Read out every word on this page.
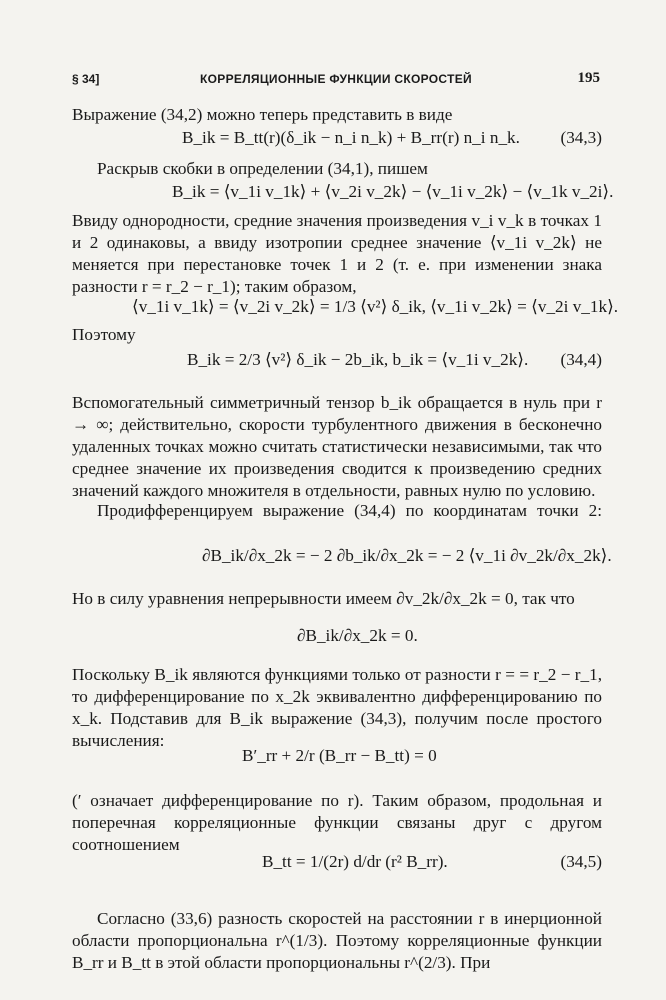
§ 34]	КОРРЕЛЯЦИОННЫЕ ФУНКЦИИ СКОРОСТЕЙ	195
Выражение (34,2) можно теперь представить в виде
B_ik = B_tt(r)(δ_ik − n_i n_k) + B_rr(r) n_i n_k. (34,3)
Раскрыв скобки в определении (34,1), пишем
B_ik = ⟨v_1i v_1k⟩ + ⟨v_2i v_2k⟩ − ⟨v_1i v_2k⟩ − ⟨v_1k v_2i⟩.
Ввиду однородности, средние значения произведения v_i v_k в точках 1 и 2 одинаковы, а ввиду изотропии среднее значение ⟨v_1i v_2k⟩ не меняется при перестановке точек 1 и 2 (т. е. при изменении знака разности r = r_2 − r_1); таким образом,
⟨v_1i v_1k⟩ = ⟨v_2i v_2k⟩ = 1/3 ⟨v²⟩ δ_ik, ⟨v_1i v_2k⟩ = ⟨v_2i v_1k⟩.
Поэтому
B_ik = 2/3 ⟨v²⟩ δ_ik − 2b_ik, b_ik = ⟨v_1i v_2k⟩. (34,4)
Вспомогательный симметричный тензор b_ik обращается в нуль при r → ∞; действительно, скорости турбулентного движения в бесконечно удаленных точках можно считать статистически независимыми, так что среднее значение их произведения сводится к произведению средних значений каждого множителя в отдельности, равных нулю по условию.
Продифференцируем выражение (34,4) по координатам точки 2:
∂B_ik/∂x_2k = − 2 ∂b_ik/∂x_2k = − 2 ⟨v_1i ∂v_2k/∂x_2k⟩.
Но в силу уравнения непрерывности имеем ∂v_2k/∂x_2k = 0, так что
∂B_ik/∂x_2k = 0.
Поскольку B_ik являются функциями только от разности r = = r_2 − r_1, то дифференцирование по x_2k эквивалентно дифференцированию по x_k. Подставив для B_ik выражение (34,3), получим после простого вычисления:
B′_rr + 2/r (B_rr − B_tt) = 0
(′ означает дифференцирование по r). Таким образом, продольная и поперечная корреляционные функции связаны друг с другом соотношением
B_tt = 1/(2r) d/dr (r² B_rr).	(34,5)
Согласно (33,6) разность скоростей на расстоянии r в инерционной области пропорциональна r^(1/3). Поэтому корреляционные функции B_rr и B_tt в этой области пропорциональны r^(2/3). При
